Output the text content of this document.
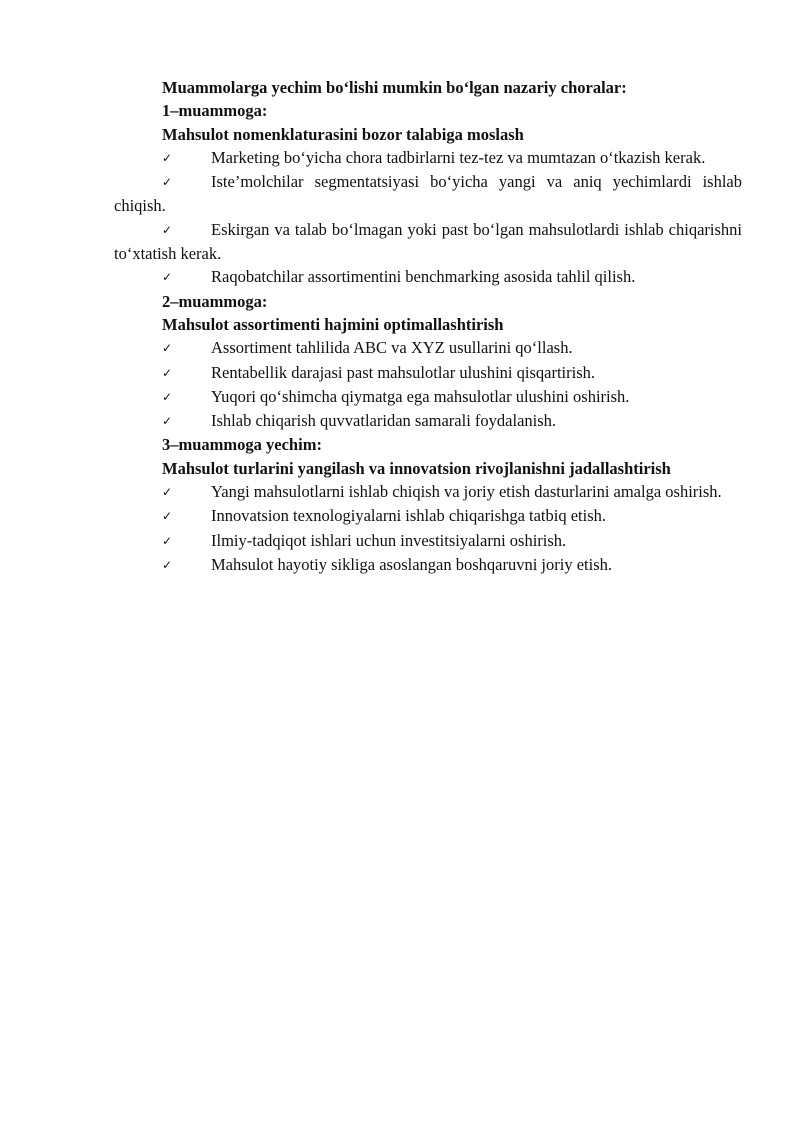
Muammolarga yechim bo‘lishi mumkin bo‘lgan nazariy choralar:
1–muammoga:
Mahsulot nomenklaturasini bozor talabiga moslash
✓ Marketing bo‘yicha chora tadbirlarni tez-tez va mumtazan o‘tkazish kerak.
✓ Iste’molchilar segmentatsiyasi bo‘yicha yangi va aniq yechimlardi ishlab chiqish.
✓ Eskirgan va talab bo‘lmagan yoki past bo‘lgan mahsulotlardi ishlab chiqarishni to‘xtatish kerak.
✓ Raqobatchilar assortimentini benchmarking asosida tahlil qilish.
2–muammoga:
Mahsulot assortimenti hajmini optimallashtirish
✓ Assortiment tahlilida ABC va XYZ usullarini qo‘llash.
✓ Rentabellik darajasi past mahsulotlar ulushini qisqartirish.
✓ Yuqori qo‘shimcha qiymatga ega mahsulotlar ulushini oshirish.
✓ Ishlab chiqarish quvvatlaridan samarali foydalanish.
3–muammoga yechim:
Mahsulot turlarini yangilash va innovatsion rivojlanishni jadallashtirish
✓ Yangi mahsulotlarni ishlab chiqish va joriy etish dasturlarini amalga oshirish.
✓ Innovatsion texnologiyalarni ishlab chiqarishga tatbiq etish.
✓ Ilmiy-tadqiqot ishlari uchun investitsiyalarni oshirish.
✓ Mahsulot hayotiy sikliga asoslangan boshqaruvni joriy etish.
